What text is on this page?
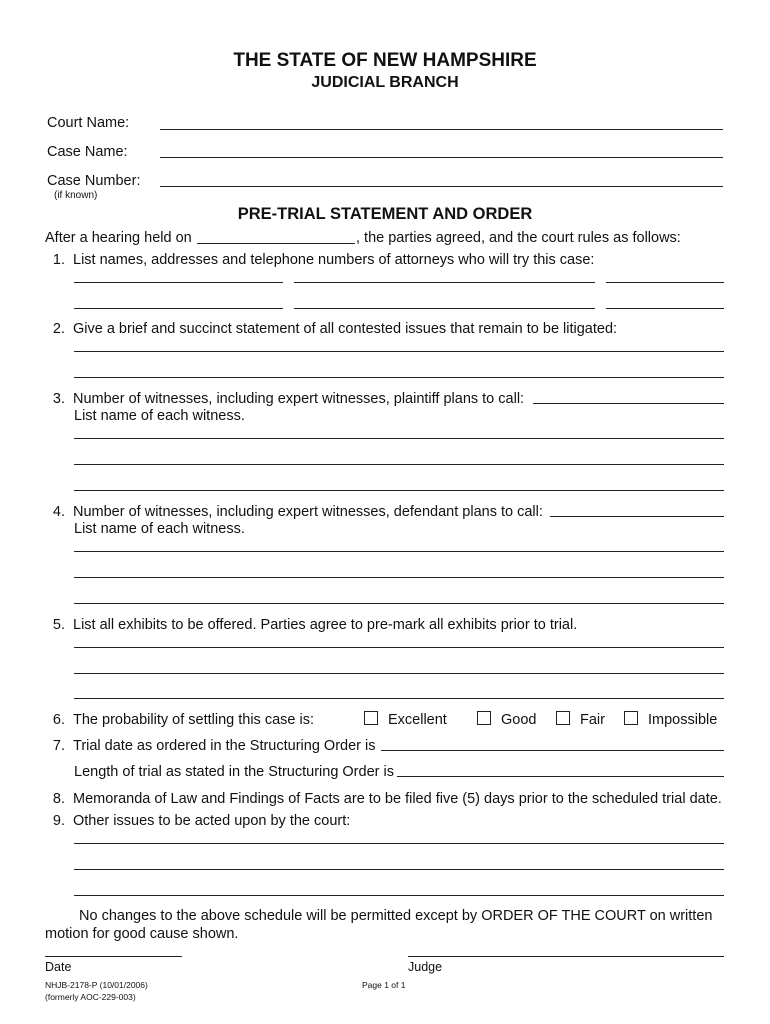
THE STATE OF NEW HAMPSHIRE
JUDICIAL BRANCH
Court Name:
Case Name:
Case Number:
(if known)
PRE-TRIAL STATEMENT AND ORDER
After a hearing held on	, the parties agreed, and the court rules as follows:
1. List names, addresses and telephone numbers of attorneys who will try this case:
2. Give a brief and succinct statement of all contested issues that remain to be litigated:
3. Number of witnesses, including expert witnesses, plaintiff plans to call:
List name of each witness.
4. Number of witnesses, including expert witnesses, defendant plans to call:
List name of each witness.
5. List all exhibits to be offered. Parties agree to pre-mark all exhibits prior to trial.
6. The probability of settling this case is:	Excellent	Good	Fair	Impossible
7. Trial date as ordered in the Structuring Order is
Length of trial as stated in the Structuring Order is
8. Memoranda of Law and Findings of Facts are to be filed five (5) days prior to the scheduled trial date.
9. Other issues to be acted upon by the court:
No changes to the above schedule will be permitted except by ORDER OF THE COURT on written
motion for good cause shown.
Date	Judge
NHJB-2178-P (10/01/2006)
(formerly AOC-229-003)
Page 1 of 1
